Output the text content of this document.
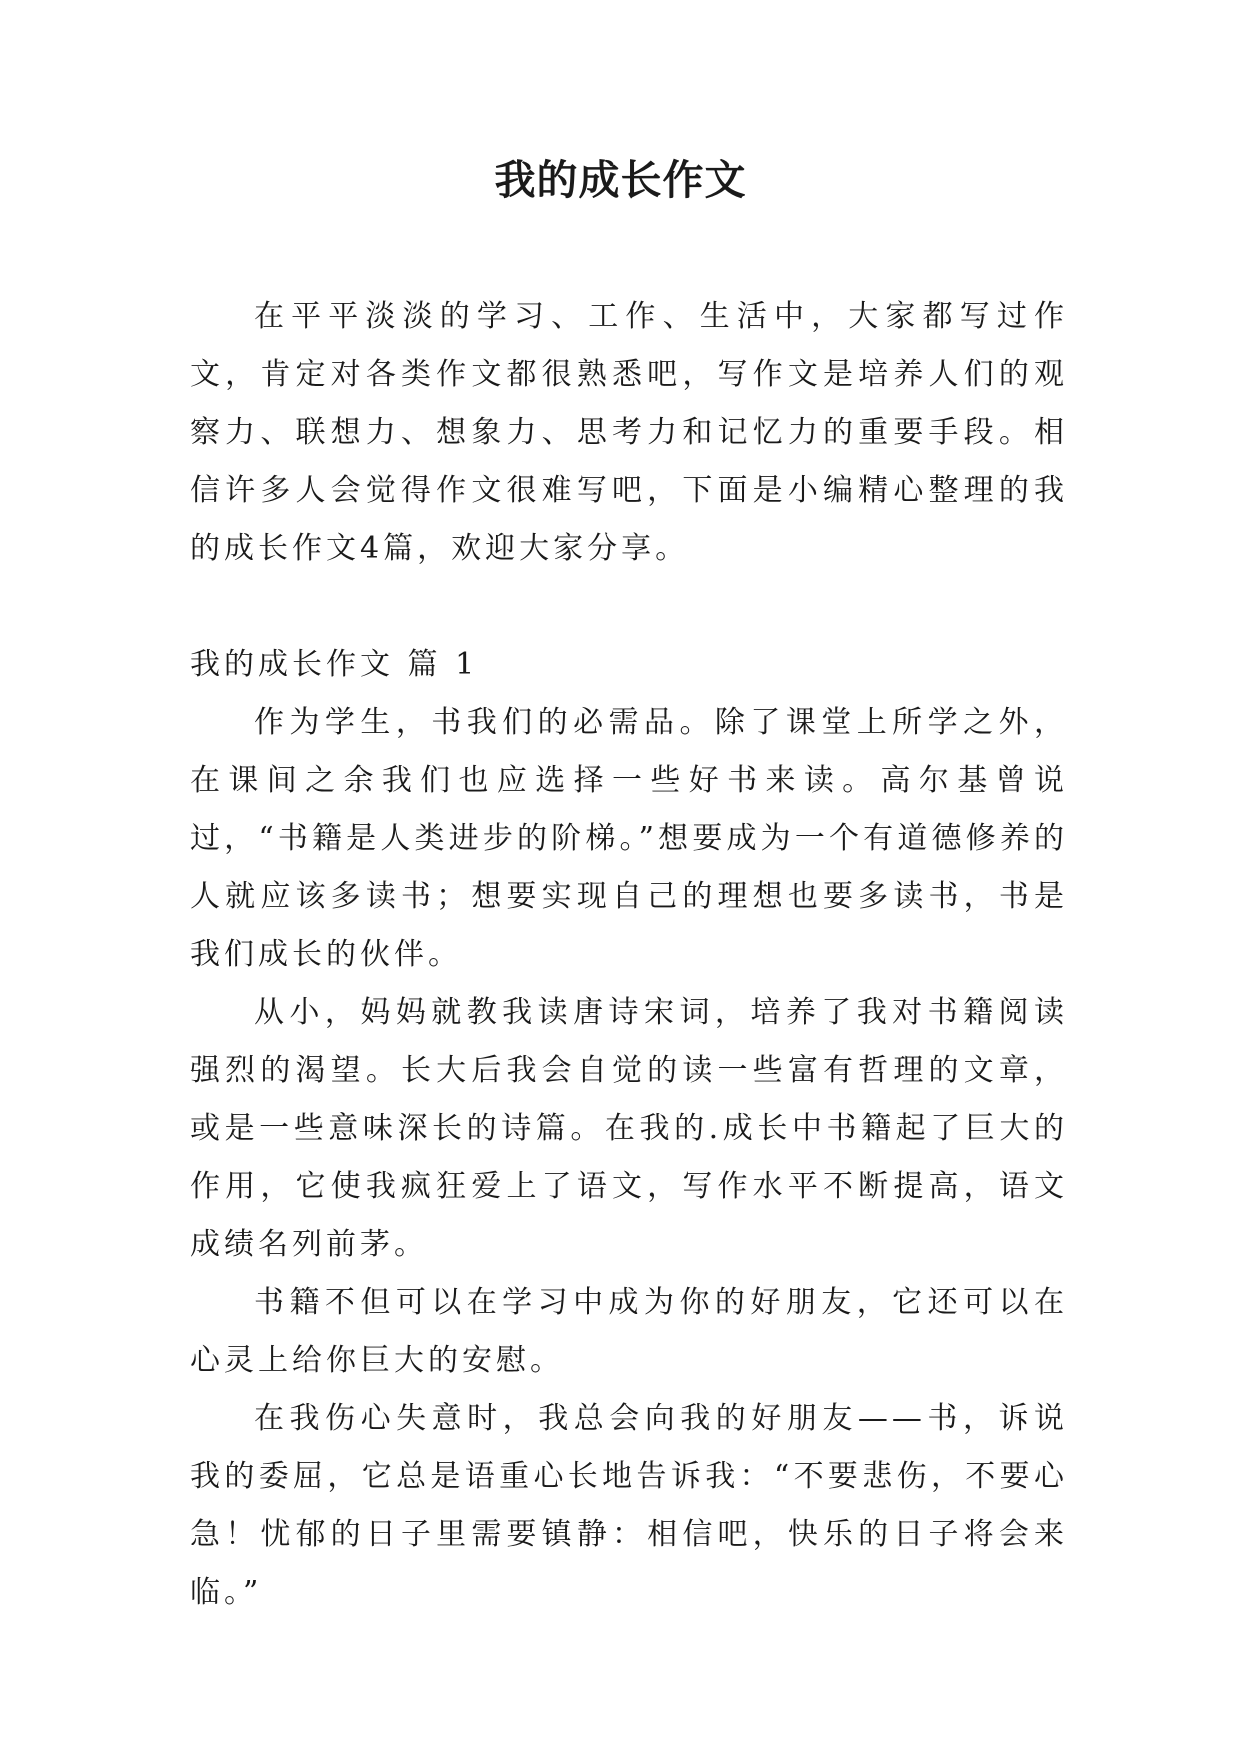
我的成长作文

在平平淡淡的学习、工作、生活中，大家都写过作文，肯定对各类作文都很熟悉吧，写作文是培养人们的观察力、联想力、想象力、思考力和记忆力的重要手段。相信许多人会觉得作文很难写吧，下面是小编精心整理的我的成长作文4篇，欢迎大家分享。

我的成长作文 篇 1

作为学生，书我们的必需品。除了课堂上所学之外，在课间之余我们也应选择一些好书来读。高尔基曾说过，“书籍是人类进步的阶梯。”想要成为一个有道德修养的人就应该多读书；想要实现自己的理想也要多读书，书是我们成长的伙伴。

从小，妈妈就教我读唐诗宋词，培养了我对书籍阅读强烈的渴望。长大后我会自觉的读一些富有哲理的文章，或是一些意味深长的诗篇。在我的.成长中书籍起了巨大的作用，它使我疯狂爱上了语文，写作水平不断提高，语文成绩名列前茅。

书籍不但可以在学习中成为你的好朋友，它还可以在心灵上给你巨大的安慰。

在我伤心失意时，我总会向我的好朋友——书，诉说我的委屈，它总是语重心长地告诉我：“不要悲伤，不要心急！忧郁的日子里需要镇静：相信吧，快乐的日子将会来临。”
